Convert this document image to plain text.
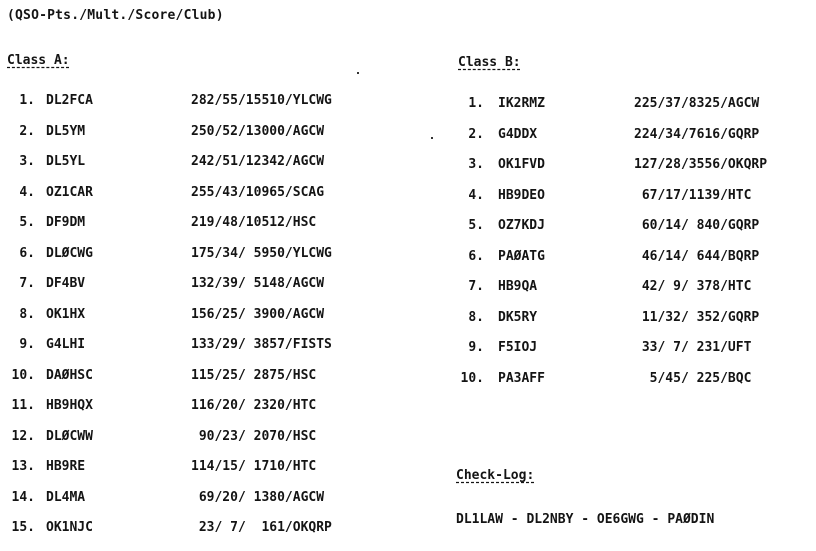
(QSO-Pts./Mult./Score/Club)
Class A:
1. DL2FCA	282/55/15510/YLCWG
2. DL5YM	250/52/13000/AGCW
3. DL5YL	242/51/12342/AGCW
4. OZ1CAR	255/43/10965/SCAG
5. DF9DM	219/48/10512/HSC
6. DLØCWG	175/34/ 5950/YLCWG
7. DF4BV	132/39/ 5148/AGCW
8. OK1HX	156/25/ 3900/AGCW
9. G4LHI	133/29/ 3857/FISTS
10. DAØHSC	115/25/ 2875/HSC
11. HB9HQX	116/20/ 2320/HTC
12. DLØCWW	90/23/ 2070/HSC
13. HB9RE	114/15/ 1710/HTC
14. DL4MA	69/20/ 1380/AGCW
15. OK1NJC	23/ 7/  161/OKQRP
Class B:
1. IK2RMZ	225/37/8325/AGCW
2. G4DDX	224/34/7616/GQRP
3. OK1FVD	127/28/3556/OKQRP
4. HB9DEO	67/17/1139/HTC
5. OZ7KDJ	60/14/ 840/GQRP
6. PAØATG	46/14/ 644/BQRP
7. HB9QA	42/ 9/ 378/HTC
8. DK5RY	11/32/ 352/GQRP
9. F5IOJ	33/ 7/ 231/UFT
10. PA3AFF	5/45/ 225/BQC
Check-Log:
DL1LAW - DL2NBY - OE6GWG - PAØDIN
